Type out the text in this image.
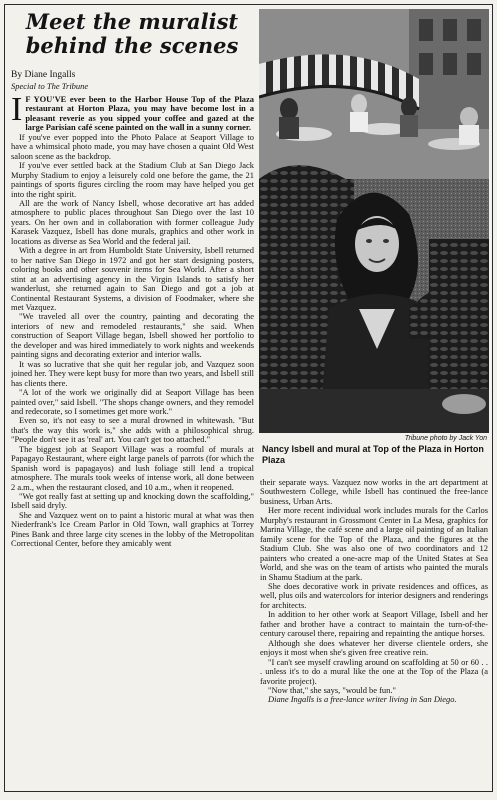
Meet the muralist behind the scenes
By Diane Ingalls
Special to The Tribune

I F YOU'VE ever been to the Harbor House Top of the Plaza restaurant at Horton Plaza, you may have become lost in a pleasant reverie as you sipped your coffee and gazed at the large Parisian café scene painted on the wall in a sunny corner.

If you've ever popped into the Photo Palace at Seaport Village to have a whimsical photo made, you may have chosen a quaint Old West saloon scene as the backdrop.

If you've ever settled back at the Stadium Club at San Diego Jack Murphy Stadium to enjoy a leisurely cold one before the game, the 21 paintings of sports figures circling the room may have helped you get into the right spirit.

All are the work of Nancy Isbell, whose decorative art has added atmosphere to public places throughout San Diego over the last 10 years. On her own and in collaboration with former colleague Judy Karasek Vazquez, Isbell has done murals, graphics and other work in locations as diverse as Sea World and the federal jail.

With a degree in art from Humboldt State University, Isbell returned to her native San Diego in 1972 and got her start designing posters, coloring books and other souvenir items for Sea World. After a short stint at an advertising agency in the Virgin Islands to satisfy her wanderlust, she returned again to San Diego and got a job at Continental Restaurant Systems, a division of Foodmaker, where she met Vazquez.

"We traveled all over the country, painting and decorating the interiors of new and remodeled restaurants," she said. When construction of Seaport Village began, Isbell showed her portfolio to the developer and was hired immediately to work nights and weekends painting signs and decorating exterior and interior walls.

It was so lucrative that she quit her regular job, and Vazquez soon joined her. They were kept busy for more than two years, and Isbell still has clients there.

"A lot of the work we originally did at Seaport Village has been painted over," said Isbell. "The shops change owners, and they remodel and redecorate, so I sometimes get more work."

Even so, it's not easy to see a mural drowned in whitewash. "But that's the way this work is," she adds with a philosophical shrug. "People don't see it as 'real' art. You can't get too attached."

The biggest job at Seaport Village was a roomful of murals at Papagayo Restaurant, where eight large panels of parrots (for which the Spanish word is papagayos) and lush foliage still lend a tropical atmosphere. The murals took weeks of intense work, all done between 2 a.m., when the restaurant closed, and 10 a.m., when it reopened.

"We got really fast at setting up and knocking down the scaffolding," Isbell said dryly.

She and Vazquez went on to paint a historic mural at what was then Niederfrank's Ice Cream Parlor in Old Town, wall graphics at Torrey Pines Bank and three large city scenes in the lobby of the Metropolitan Correctional Center, before they amicably went

Tribune photo by Jack Yon
Nancy Isbell and mural at Top of the Plaza in Horton Plaza

their separate ways. Vazquez now works in the art department at Southwestern College, while Isbell has continued the free-lance business, Urban Arts.

Her more recent individual work includes murals for the Carlos Murphy's restaurant in Grossmont Center in La Mesa, graphics for Marina Village, the café scene and a large oil painting of an Italian family scene for the Top of the Plaza, and the figures at the Stadium Club. She was also one of two coordinators and 12 painters who created a one-acre map of the United States at Sea World, and she was on the team of artists who painted the murals in Shamu Stadium at the park.

She does decorative work in private residences and offices, as well, plus oils and watercolors for interior designers and renderings for architects.

In addition to her other work at Seaport Village, Isbell and her father and brother have a contract to maintain the turn-of-the-century carousel there, repairing and repainting the antique horses.

Although she does whatever her diverse clientele orders, she enjoys it most when she's given free creative rein.

"I can't see myself crawling around on scaffolding at 50 or 60 . . . unless it's to do a mural like the one at the Top of the Plaza (a favorite project).

"Now that," she says, "would be fun."

Diane Ingalls is a free-lance writer living in San Diego.
